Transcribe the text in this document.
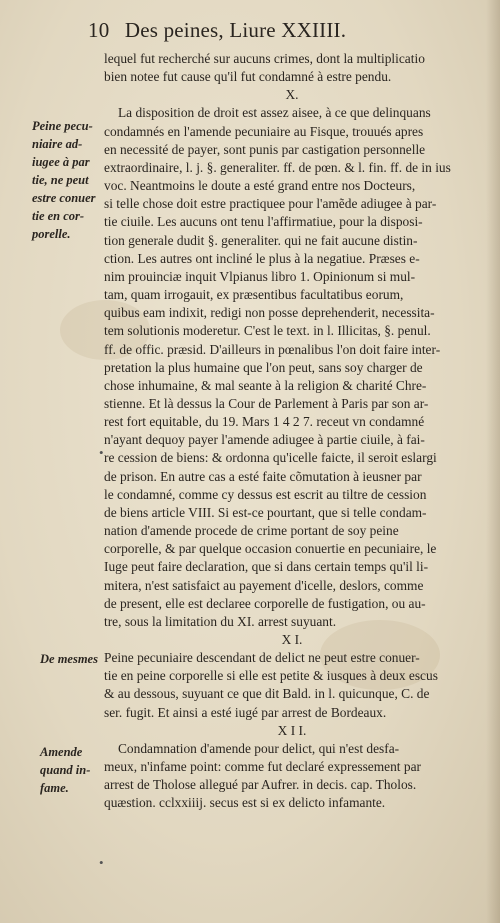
10 Des peines, Liure XXIIII.
Peine pecu-
niaire ad-
iugee à par
tie, ne peut
estre conuer
tie en cor-
porelle.
De mesmes
Amende
quand in-
fame.
•
•
lequel fut recherché sur aucuns crimes, dont la multiplicatio
bien notee fut cause qu'il fut condamné à estre pendu.
X.
La disposition de droit est assez aisee, à ce que delinquans
condamnés en l'amende pecuniaire au Fisque, trouués apres
en necessité de payer, sont punis par castigation personnelle
extraordinaire, l. j. §. generaliter. ff. de pœn. & l. fin. ff. de in ius
voc. Neantmoins le doute a esté grand entre nos Docteurs,
si telle chose doit estre practiquee pour l'amẽde adiugee à par-
tie ciuile. Les aucuns ont tenu l'affirmatiue, pour la disposi-
tion generale dudit §. generaliter. qui ne fait aucune distin-
ction. Les autres ont incliné le plus à la negatiue. Præses e-
nim prouinciæ inquit Vlpianus libro 1. Opinionum si mul-
tam, quam irrogauit, ex præsentibus facultatibus eorum,
quibus eam indixit, redigi non posse deprehenderit, necessita-
tem solutionis moderetur. C'est le text. in l. Illicitas, §. penul.
ff. de offic. præsid. D'ailleurs in pœnalibus l'on doit faire inter-
pretation la plus humaine que l'on peut, sans soy charger de
chose inhumaine, & mal seante à la religion & charité Chre-
stienne. Et là dessus la Cour de Parlement à Paris par son ar-
rest fort equitable, du 19. Mars 1 4 2 7. receut vn condamné
n'ayant dequoy payer l'amende adiugee à partie ciuile, à fai-
re cession de biens: & ordonna qu'icelle faicte, il seroit eslargi
de prison. En autre cas a esté faite cõmutation à ieusner par
le condamné, comme cy dessus est escrit au tiltre de cession
de biens article VIII. Si est-ce pourtant, que si telle condam-
nation d'amende procede de crime portant de soy peine
corporelle, & par quelque occasion conuertie en pecuniaire, le
Iuge peut faire declaration, que si dans certain temps qu'il li-
mitera, n'est satisfaict au payement d'icelle, deslors, comme
de present, elle est declaree corporelle de fustigation, ou au-
tre, sous la limitation du XI. arrest suyuant.
X I.
Peine pecuniaire descendant de delict ne peut estre conuer-
tie en peine corporelle si elle est petite & iusques à deux escus
& au dessous, suyuant ce que dit Bald. in l. quicunque, C. de
ser. fugit. Et ainsi a esté iugé par arrest de Bordeaux.
X I I.
Condamnation d'amende pour delict, qui n'est desfa-
meux, n'infame point: comme fut declaré expressement par
arrest de Tholose allegué par Aufrer. in decis. cap. Tholos.
quæstion. cclxxiiij. secus est si ex delicto infamante.
